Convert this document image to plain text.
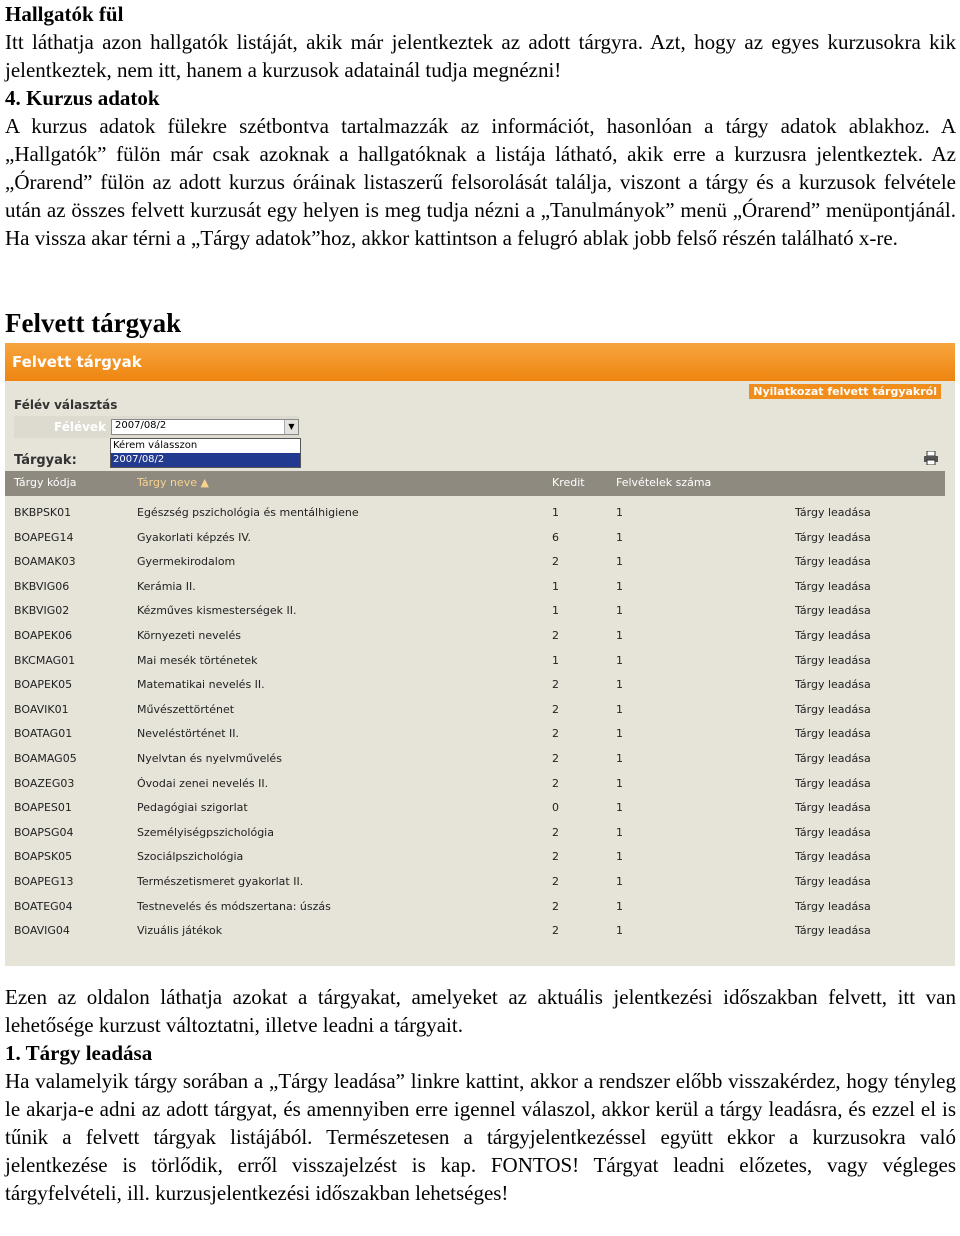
Hallgatók fül

Itt láthatja azon hallgatók listáját, akik már jelentkeztek az adott tárgyra. Azt, hogy az egyes kurzusokra kik jelentkeztek, nem itt, hanem a kurzusok adatainál tudja megnézni!

4. Kurzus adatok

A kurzus adatok fülekre szétbontva tartalmazzák az információt, hasonlóan a tárgy adatok ablakhoz. A „Hallgatók” fülön már csak azoknak a hallgatóknak a listája látható, akik erre a kurzusra jelentkeztek. Az „Órarend” fülön az adott kurzus óráinak listaszerű felsorolását találja, viszont a tárgy és a kurzusok felvétele után az összes felvett kurzusát egy helyen is meg tudja nézni a „Tanulmányok” menü „Órarend” menüpontjánál. Ha vissza akar térni a „Tárgy adatok”hoz, akkor kattintson a felugró ablak jobb felső részén található x-re.

Felvett tárgyak
Felvett tárgyak
Nyilatkozat felvett tárgyakról
Félév választás
Félévek 2007/08/2	▼
Kérem válasszon
2007/08/2
Tárgyak:
Tárgy kódja	Tárgy neve ▲	Kredit	Felvételek száma
BKBPSK01	Egészség pszichológia és mentálhigiene	1	1	Tárgy leadása
BOAPEG14	Gyakorlati képzés IV.	6	1	Tárgy leadása
BOAMAK03	Gyermekirodalom	2	1	Tárgy leadása
BKBVIG06	Kerámia II.	1	1	Tárgy leadása
BKBVIG02	Kézműves kismesterségek II.	1	1	Tárgy leadása
BOAPEK06	Környezeti nevelés	2	1	Tárgy leadása
BKCMAG01	Mai mesék történetek	1	1	Tárgy leadása
BOAPEK05	Matematikai nevelés II.	2	1	Tárgy leadása
BOAVIK01	Művészettörténet	2	1	Tárgy leadása
BOATAG01	Neveléstörténet II.	2	1	Tárgy leadása
BOAMAG05	Nyelvtan és nyelvművelés	2	1	Tárgy leadása
BOAZEG03	Óvodai zenei nevelés II.	2	1	Tárgy leadása
BOAPES01	Pedagógiai szigorlat	0	1	Tárgy leadása
BOAPSG04	Személyiségpszichológia	2	1	Tárgy leadása
BOAPSK05	Szociálpszichológia	2	1	Tárgy leadása
BOAPEG13	Természetismeret gyakorlat II.	2	1	Tárgy leadása
BOATEG04	Testnevelés és módszertana: úszás	2	1	Tárgy leadása
BOAVIG04	Vizuális játékok	2	1	Tárgy leadása

Ezen az oldalon láthatja azokat a tárgyakat, amelyeket az aktuális jelentkezési időszakban felvett, itt van lehetősége kurzust változtatni, illetve leadni a tárgyait.

1. Tárgy leadása

Ha valamelyik tárgy sorában a „Tárgy leadása” linkre kattint, akkor a rendszer előbb visszakérdez, hogy tényleg le akarja-e adni az adott tárgyat, és amennyiben erre igennel válaszol, akkor kerül a tárgy leadásra, és ezzel el is tűnik a felvett tárgyak listájából. Természetesen a tárgyjelentkezéssel együtt ekkor a kurzusokra való jelentkezése is törlődik, erről visszajelzést is kap. FONTOS! Tárgyat leadni előzetes, vagy végleges tárgyfelvételi, ill. kurzusjelentkezési időszakban lehetséges!
